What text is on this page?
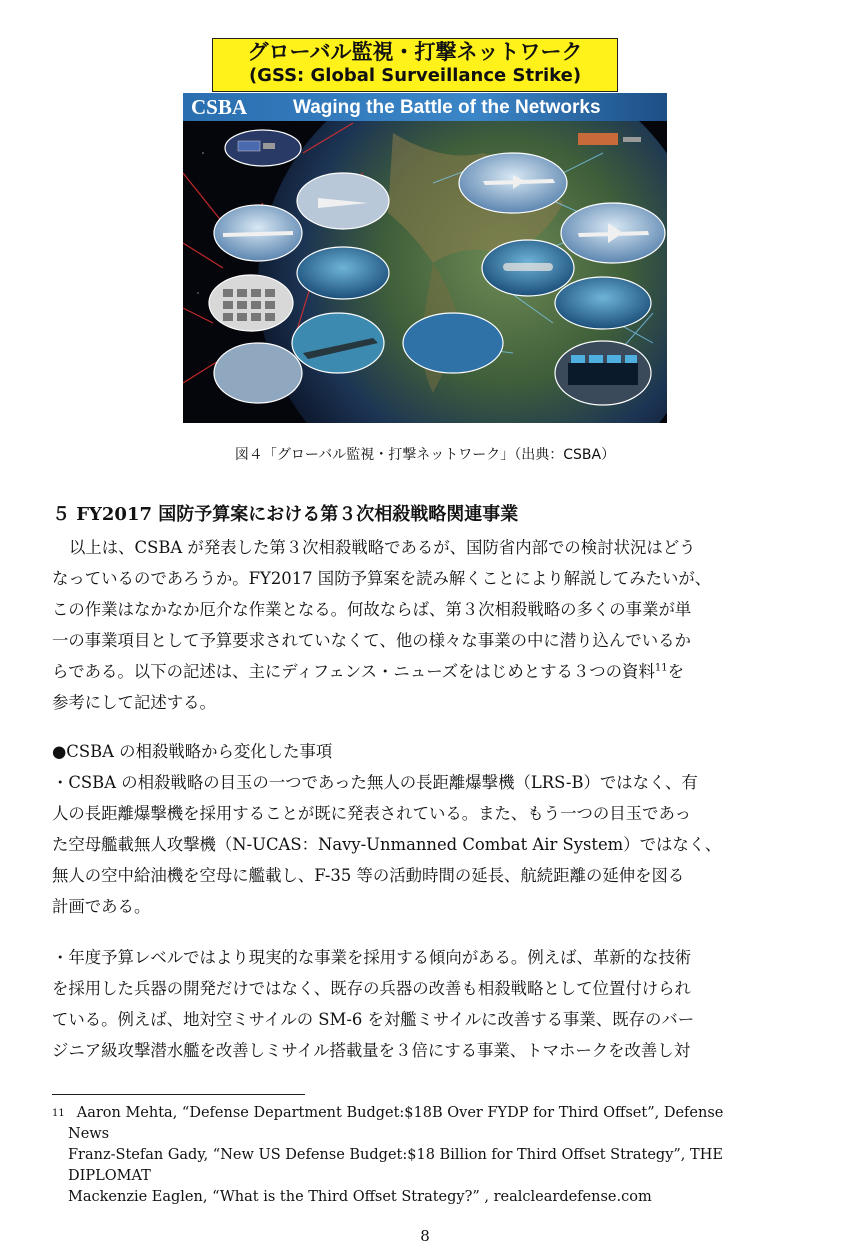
グローバル監視・打撃ネットワーク
(GSS: Global Surveillance Strike)
CSBA Waging the Battle of the Networks
図４「グローバル監視・打撃ネットワーク」（出典：CSBA）
５ FY2017 国防予算案における第３次相殺戦略関連事業
以上は、CSBA が発表した第３次相殺戦略であるが、国防省内部での検討状況はどう
なっているのであろうか。FY2017 国防予算案を読み解くことにより解説してみたいが、
この作業はなかなか厄介な作業となる。何故ならば、第３次相殺戦略の多くの事業が単
一の事業項目として予算要求されていなくて、他の様々な事業の中に潜り込んでいるか
らである。以下の記述は、主にディフェンス・ニューズをはじめとする３つの資料$^{11}$を
参考にして記述する。
●CSBA の相殺戦略から変化した事項
・CSBA の相殺戦略の目玉の一つであった無人の長距離爆撃機（LRS-B）ではなく、有
人の長距離爆撃機を採用することが既に発表されている。また、もう一つの目玉であっ
た空母艦載無人攻撃機（N-UCAS：Navy-Unmanned Combat Air System）ではなく、
無人の空中給油機を空母に艦載し、F-35 等の活動時間の延長、航続距離の延伸を図る
計画である。
・年度予算レベルではより現実的な事業を採用する傾向がある。例えば、革新的な技術
を採用した兵器の開発だけではなく、既存の兵器の改善も相殺戦略として位置付けられ
ている。例えば、地対空ミサイルの SM-6 を対艦ミサイルに改善する事業、既存のバー
ジニア級攻撃潜水艦を改善しミサイル搭載量を３倍にする事業、トマホークを改善し対
$^{11}$ Aaron Mehta, “Defense Department Budget:$18B Over FYDP for Third Offset”, Defense
News
Franz-Stefan Gady, “New US Defense Budget:$18 Billion for Third Offset Strategy”, THE
DIPLOMAT
Mackenzie Eaglen, “What is the Third Offset Strategy?” , realcleardefense.com
8
